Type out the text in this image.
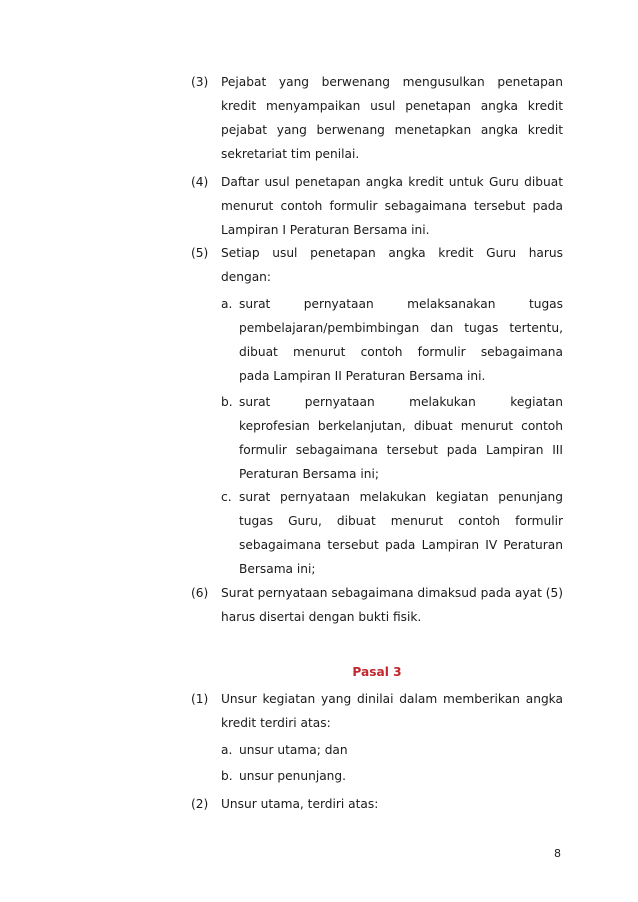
(3)	Pejabat yang berwenang mengusulkan penetapan
kredit menyampaikan usul penetapan angka kredit
pejabat yang berwenang menetapkan angka kredit
sekretariat tim penilai.
(4)	Daftar usul penetapan angka kredit untuk Guru dibuat
menurut contoh formulir sebagaimana tersebut pada
Lampiran I Peraturan Bersama ini.
(5)	Setiap usul penetapan angka kredit Guru harus
dengan:
a. surat pernyataan melaksanakan tugas
pembelajaran/pembimbingan dan tugas tertentu,
dibuat menurut contoh formulir sebagaimana
pada Lampiran II Peraturan Bersama ini.
b. surat pernyataan melakukan kegiatan
keprofesian berkelanjutan, dibuat menurut contoh
formulir sebagaimana tersebut pada Lampiran III
Peraturan Bersama ini;
c. surat pernyataan melakukan kegiatan penunjang
tugas Guru, dibuat menurut contoh formulir
sebagaimana tersebut pada Lampiran IV Peraturan
Bersama ini;
(6)	Surat pernyataan sebagaimana dimaksud pada ayat (5)
harus disertai dengan bukti fisik.
Pasal 3
(1)	Unsur kegiatan yang dinilai dalam memberikan angka
kredit terdiri atas:
a. unsur utama; dan
b. unsur penunjang.
(2)	Unsur utama, terdiri atas:
8
